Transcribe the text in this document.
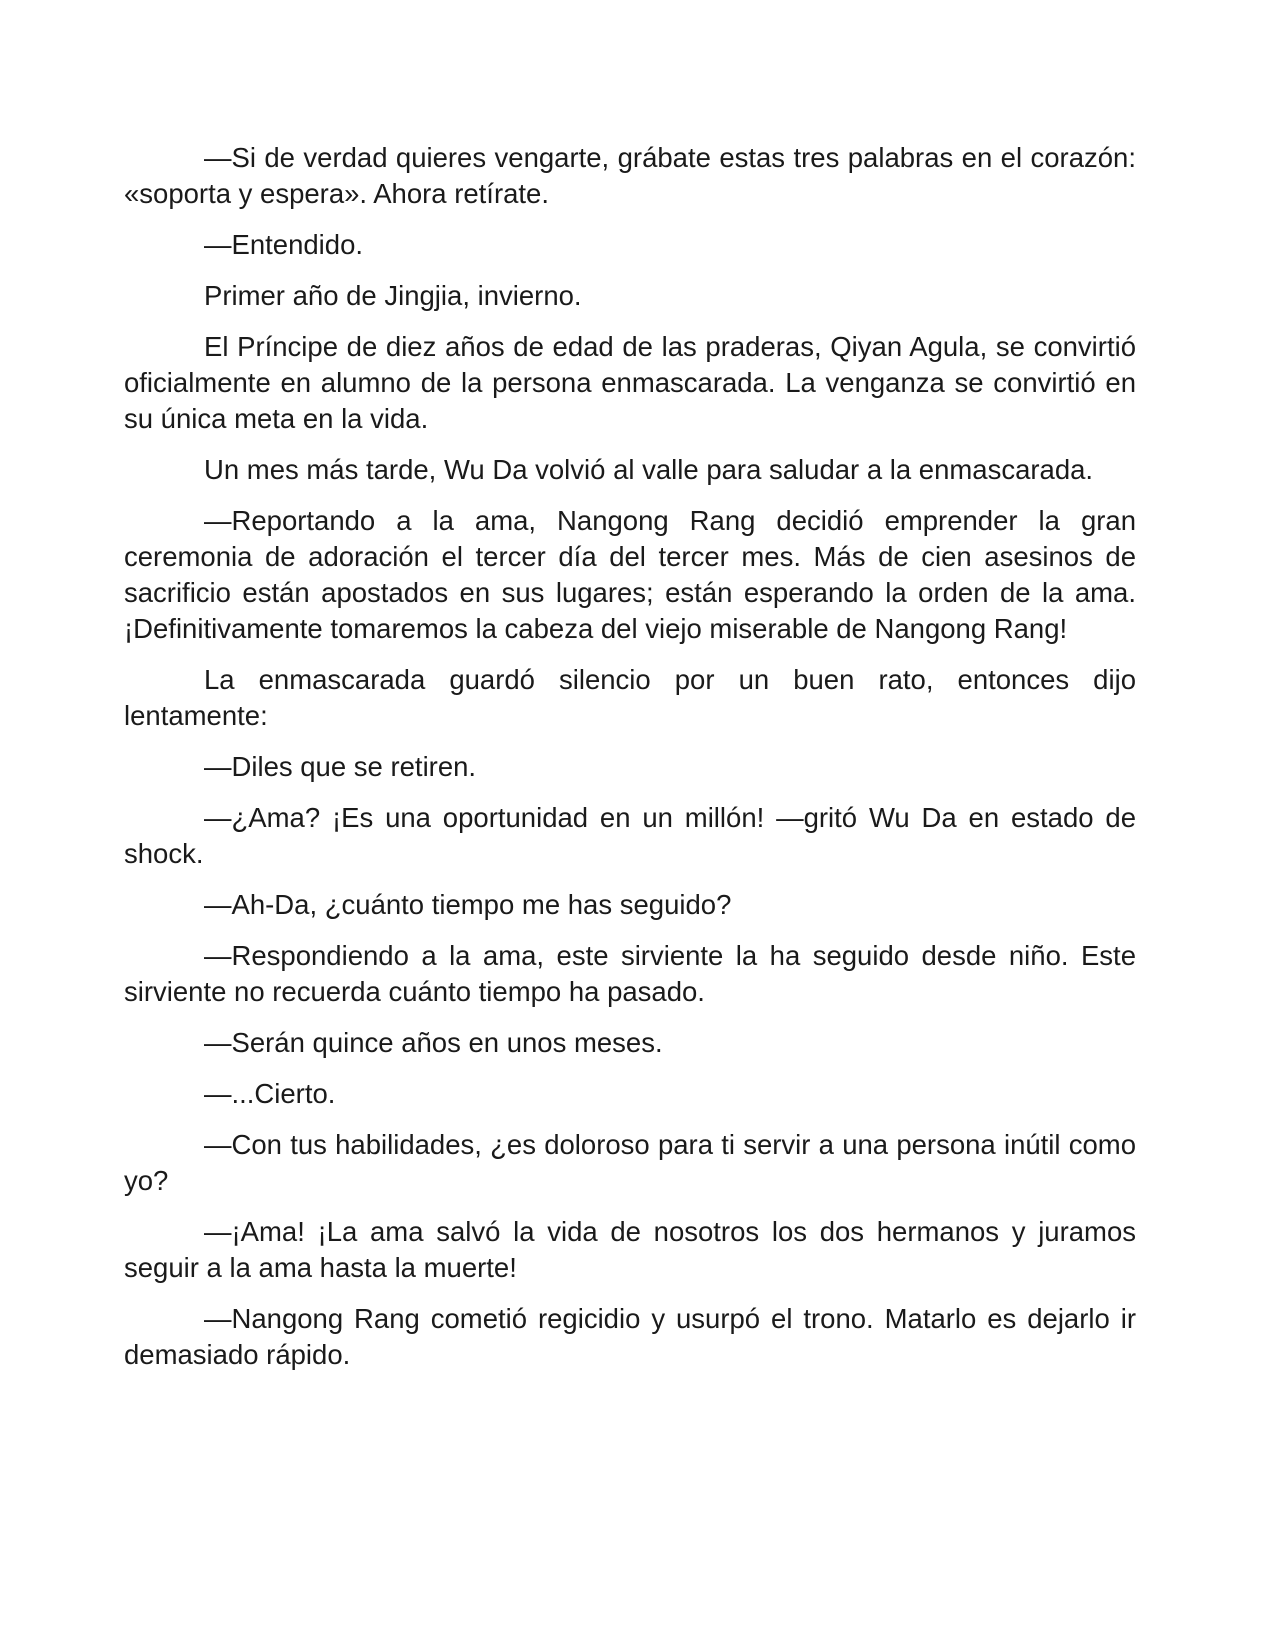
—Si de verdad quieres vengarte, grábate estas tres palabras en el corazón: «soporta y espera». Ahora retírate.

—Entendido.

Primer año de Jingjia, invierno.

El Príncipe de diez años de edad de las praderas, Qiyan Agula, se convirtió oficialmente en alumno de la persona enmascarada. La venganza se convirtió en su única meta en la vida.

Un mes más tarde, Wu Da volvió al valle para saludar a la enmascarada.

—Reportando a la ama, Nangong Rang decidió emprender la gran ceremonia de adoración el tercer día del tercer mes. Más de cien asesinos de sacrificio están apostados en sus lugares; están esperando la orden de la ama. ¡Definitivamente tomaremos la cabeza del viejo miserable de Nangong Rang!

La enmascarada guardó silencio por un buen rato, entonces dijo lentamente:

—Diles que se retiren.

—¿Ama? ¡Es una oportunidad en un millón! —gritó Wu Da en estado de shock.

—Ah-Da, ¿cuánto tiempo me has seguido?

—Respondiendo a la ama, este sirviente la ha seguido desde niño. Este sirviente no recuerda cuánto tiempo ha pasado.

—Serán quince años en unos meses.

—...Cierto.

—Con tus habilidades, ¿es doloroso para ti servir a una persona inútil como yo?

—¡Ama! ¡La ama salvó la vida de nosotros los dos hermanos y juramos seguir a la ama hasta la muerte!

—Nangong Rang cometió regicidio y usurpó el trono. Matarlo es dejarlo ir demasiado rápido.
